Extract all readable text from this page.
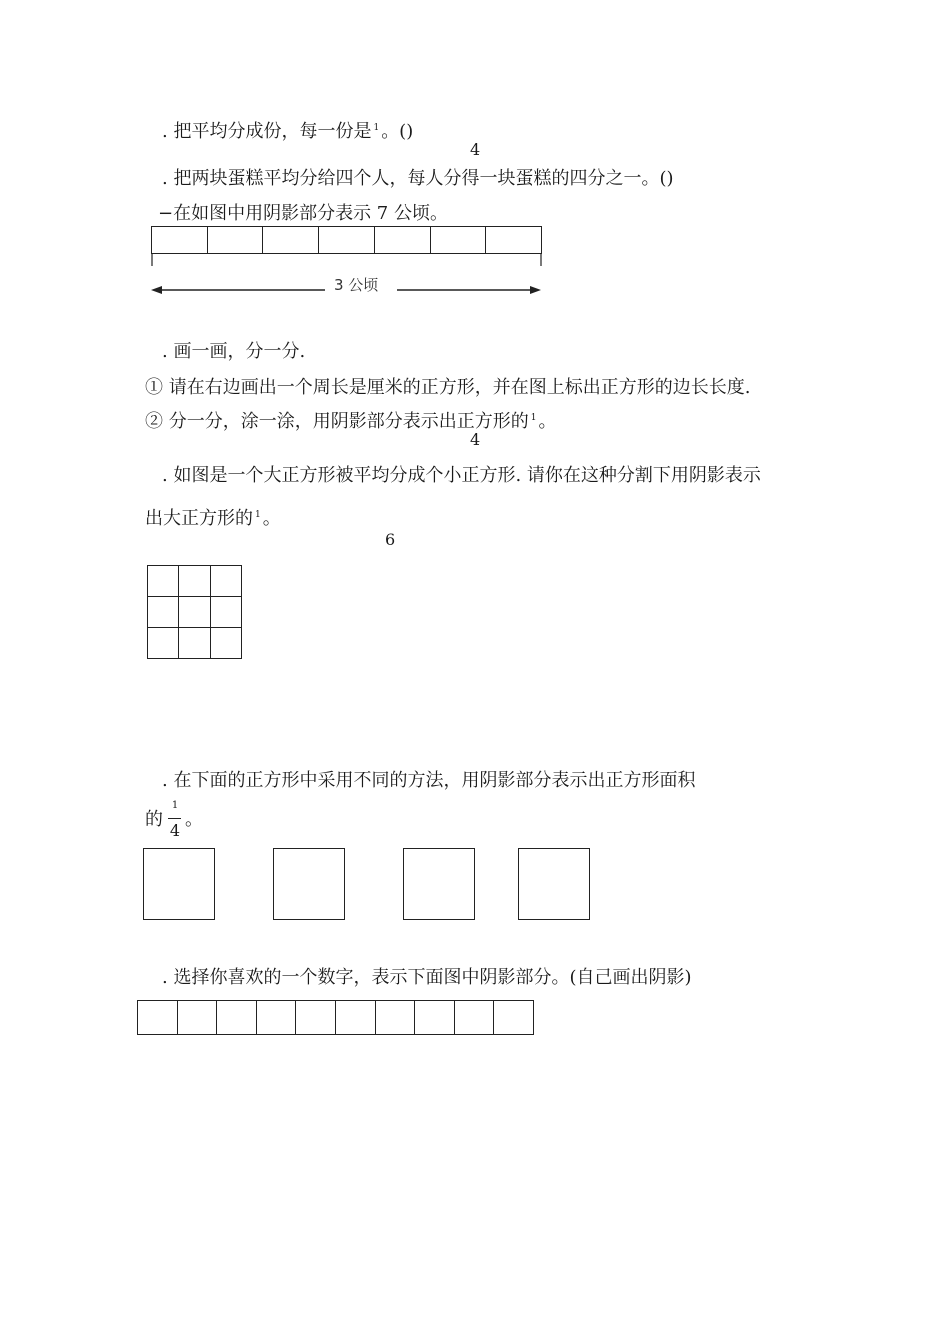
. 把平均分成份，每一份是 $^1$ 。()
4
. 把两块蛋糕平均分给四个人，每人分得一块蛋糕的四分之一。()
−在如图中用阴影部分表示 7 公顷。
3 公顷
. 画一画，分一分.
① 请在右边画出一个周长是厘米的正方形，并在图上标出正方形的边长长度.
② 分一分，涂一涂，用阴影部分表示出正方形的 $^1$ 。
4
. 如图是一个大正方形被平均分成个小正方形. 请你在这种分割下用阴影表示
出大正方形的 $^1$ 。
6
. 在下面的正方形中采用不同的方法，用阴影部分表示出正方形面积
的
1
4
。
. 选择你喜欢的一个数字，表示下面图中阴影部分。(自己画出阴影)
